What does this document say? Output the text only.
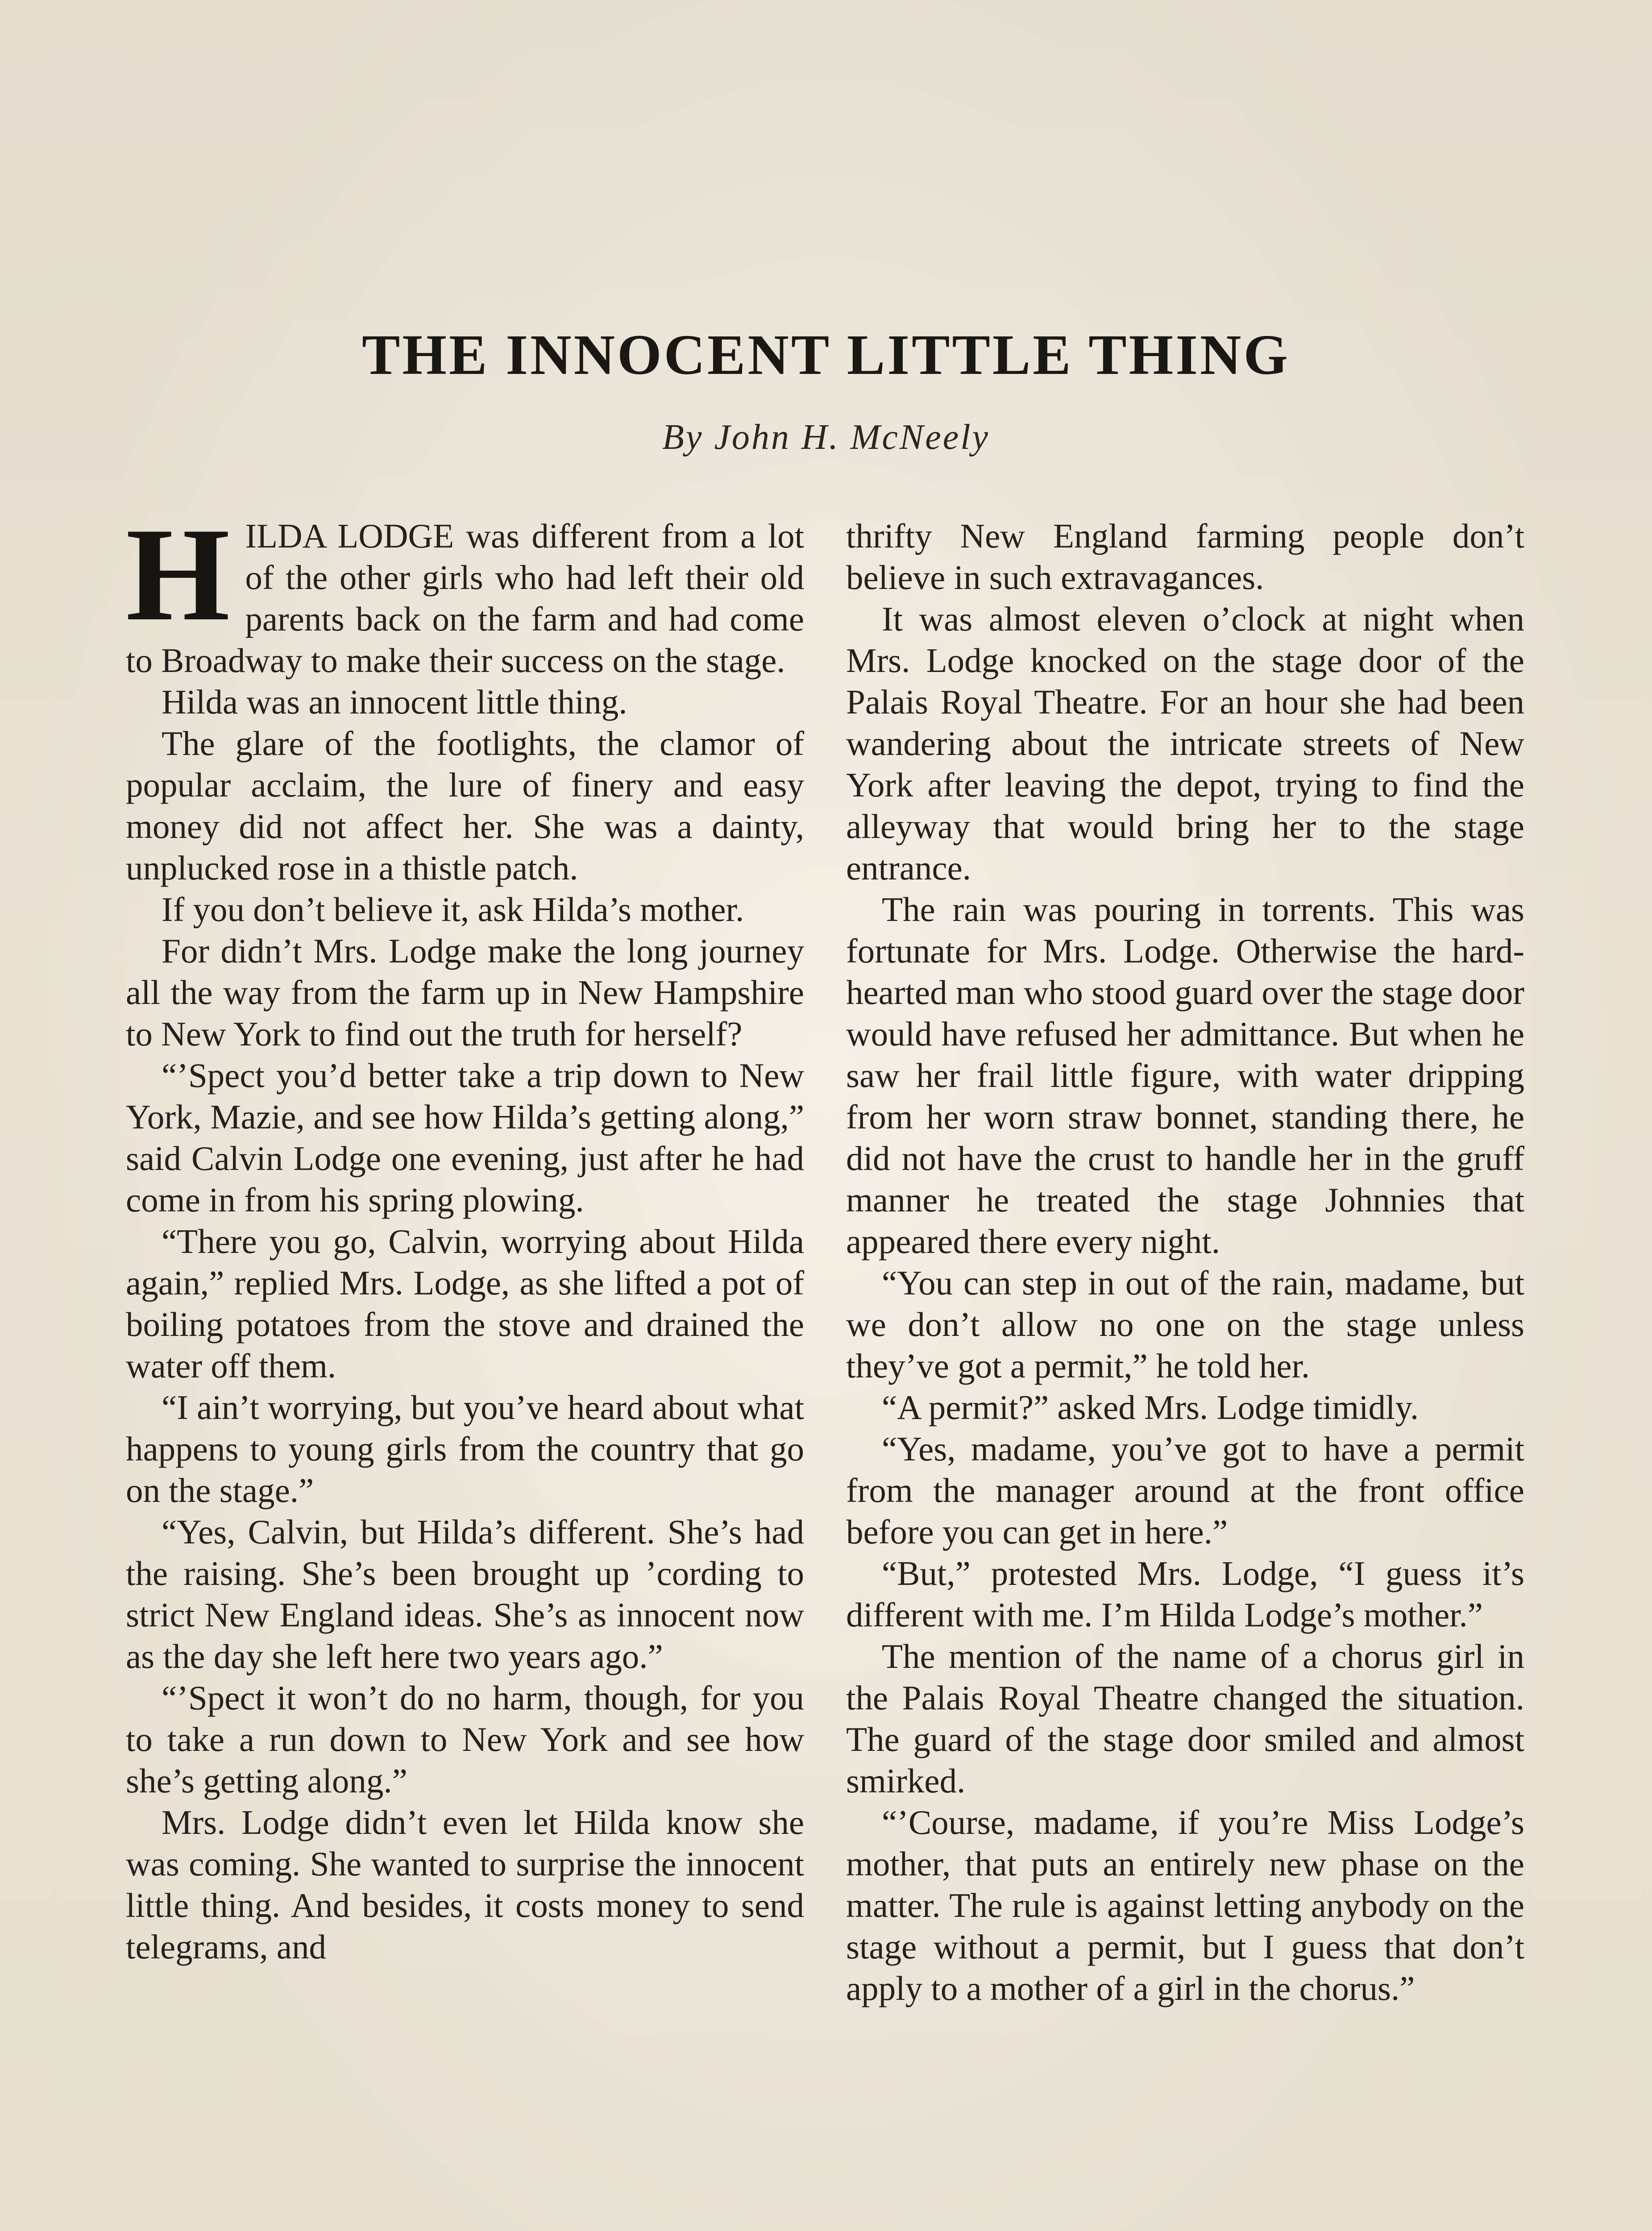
THE INNOCENT LITTLE THING
By John H. McNeely
H ILDA LODGE was different from a lot of the other girls who had left their old parents back on the farm and had come to Broadway to make their success on the stage.

Hilda was an innocent little thing.

The glare of the footlights, the clamor of popular acclaim, the lure of finery and easy money did not affect her. She was a dainty, unplucked rose in a thistle patch.

If you don’t believe it, ask Hilda’s mother.

For didn’t Mrs. Lodge make the long journey all the way from the farm up in New Hampshire to New York to find out the truth for herself?

“’Spect you’d better take a trip down to New York, Mazie, and see how Hilda’s getting along,” said Calvin Lodge one evening, just after he had come in from his spring plowing.

“There you go, Calvin, worrying about Hilda again,” replied Mrs. Lodge, as she lifted a pot of boiling potatoes from the stove and drained the water off them.

“I ain’t worrying, but you’ve heard about what happens to young girls from the country that go on the stage.”

“Yes, Calvin, but Hilda’s different. She’s had the raising. She’s been brought up ’cording to strict New England ideas. She’s as innocent now as the day she left here two years ago.”

“’Spect it won’t do no harm, though, for you to take a run down to New York and see how she’s getting along.”

Mrs. Lodge didn’t even let Hilda know she was coming. She wanted to surprise the innocent little thing. And besides, it costs money to send telegrams, and

thrifty New England farming people don’t believe in such extravagances.

It was almost eleven o’clock at night when Mrs. Lodge knocked on the stage door of the Palais Royal Theatre. For an hour she had been wandering about the intricate streets of New York after leaving the depot, trying to find the alleyway that would bring her to the stage entrance.

The rain was pouring in torrents. This was fortunate for Mrs. Lodge. Otherwise the hard-hearted man who stood guard over the stage door would have refused her admittance. But when he saw her frail little figure, with water dripping from her worn straw bonnet, standing there, he did not have the crust to handle her in the gruff manner he treated the stage Johnnies that appeared there every night.

“You can step in out of the rain, madame, but we don’t allow no one on the stage unless they’ve got a permit,” he told her.

“A permit?” asked Mrs. Lodge timidly.

“Yes, madame, you’ve got to have a permit from the manager around at the front office before you can get in here.”

“But,” protested Mrs. Lodge, “I guess it’s different with me. I’m Hilda Lodge’s mother.”

The mention of the name of a chorus girl in the Palais Royal Theatre changed the situation. The guard of the stage door smiled and almost smirked.

“’Course, madame, if you’re Miss Lodge’s mother, that puts an entirely new phase on the matter. The rule is against letting anybody on the stage without a permit, but I guess that don’t apply to a mother of a girl in the chorus.”
